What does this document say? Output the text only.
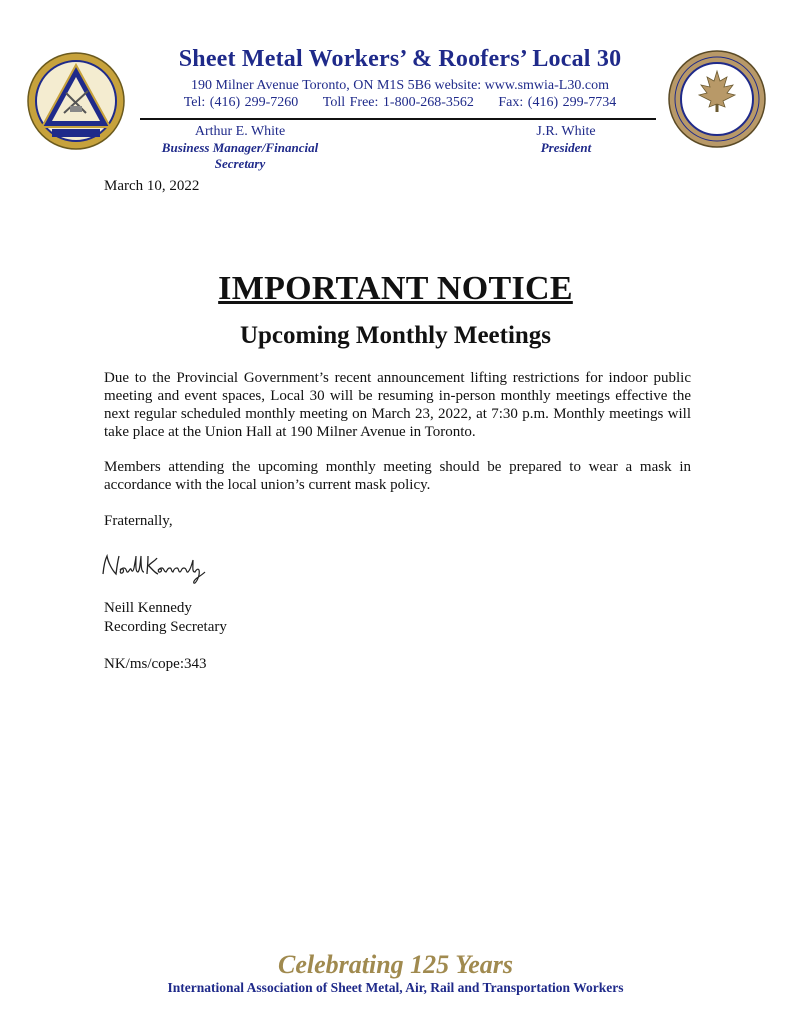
Sheet Metal Workers’ & Roofers’ Local 30
190 Milner Avenue Toronto, ON M1S 5B6 website: www.smwia-L30.com
Tel: (416) 299-7260 Toll Free: 1-800-268-3562 Fax: (416) 299-7734
Arthur E. White
Business Manager/Financial Secretary
J.R. White
President
March 10, 2022
IMPORTANT NOTICE
Upcoming Monthly Meetings
Due to the Provincial Government’s recent announcement lifting restrictions for indoor public meeting and event spaces, Local 30 will be resuming in-person monthly meetings effective the next regular scheduled monthly meeting on March 23, 2022, at 7:30 p.m. Monthly meetings will take place at the Union Hall at 190 Milner Avenue in Toronto.
Members attending the upcoming monthly meeting should be prepared to wear a mask in accordance with the local union’s current mask policy.
Fraternally,
Neill Kennedy
Recording Secretary
NK/ms/cope:343
Celebrating 125 Years
International Association of Sheet Metal, Air, Rail and Transportation Workers
